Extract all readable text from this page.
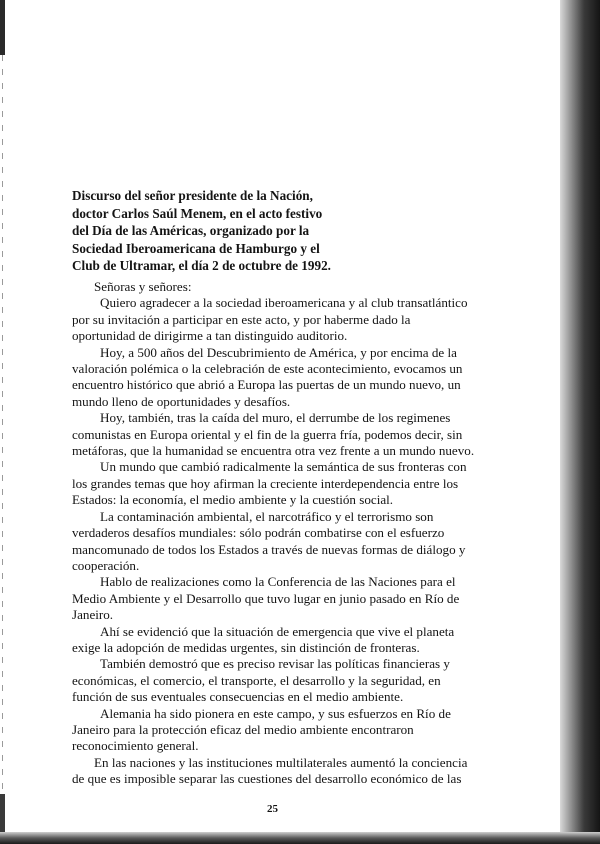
Discurso del señor presidente de la Nación,
doctor Carlos Saúl Menem, en el acto festivo
del Día de las Américas, organizado por la
Sociedad Iberoamericana de Hamburgo y el
Club de Ultramar, el día 2 de octubre de 1992.
Señoras y señores:
Quiero agradecer a la sociedad iberoamericana y al club transatlántico
por su invitación a participar en este acto, y por haberme dado la
oportunidad de dirigirme a tan distinguido auditorio.
Hoy, a 500 años del Descubrimiento de América, y por encima de la
valoración polémica o la celebración de este acontecimiento, evocamos un
encuentro histórico que abrió a Europa las puertas de un mundo nuevo, un
mundo lleno de oportunidades y desafíos.
Hoy, también, tras la caída del muro, el derrumbe de los regimenes
comunistas en Europa oriental y el fin de la guerra fría, podemos decir, sin
metáforas, que la humanidad se encuentra otra vez frente a un mundo nuevo.
Un mundo que cambió radicalmente la semántica de sus fronteras con
los grandes temas que hoy afirman la creciente interdependencia entre los
Estados: la economía, el medio ambiente y la cuestión social.
La contaminación ambiental, el narcotráfico y el terrorismo son
verdaderos desafíos mundiales: sólo podrán combatirse con el esfuerzo
mancomunado de todos los Estados a través de nuevas formas de diálogo y
cooperación.
Hablo de realizaciones como la Conferencia de las Naciones para el
Medio Ambiente y el Desarrollo que tuvo lugar en junio pasado en Río de
Janeiro.
Ahí se evidenció que la situación de emergencia que vive el planeta
exige la adopción de medidas urgentes, sin distinción de fronteras.
También demostró que es preciso revisar las políticas financieras y
económicas, el comercio, el transporte, el desarrollo y la seguridad, en
función de sus eventuales consecuencias en el medio ambiente.
Alemania ha sido pionera en este campo, y sus esfuerzos en Río de
Janeiro para la protección eficaz del medio ambiente encontraron
reconocimiento general.
En las naciones y las instituciones multilaterales aumentó la conciencia
de que es imposible separar las cuestiones del desarrollo económico de las
25
